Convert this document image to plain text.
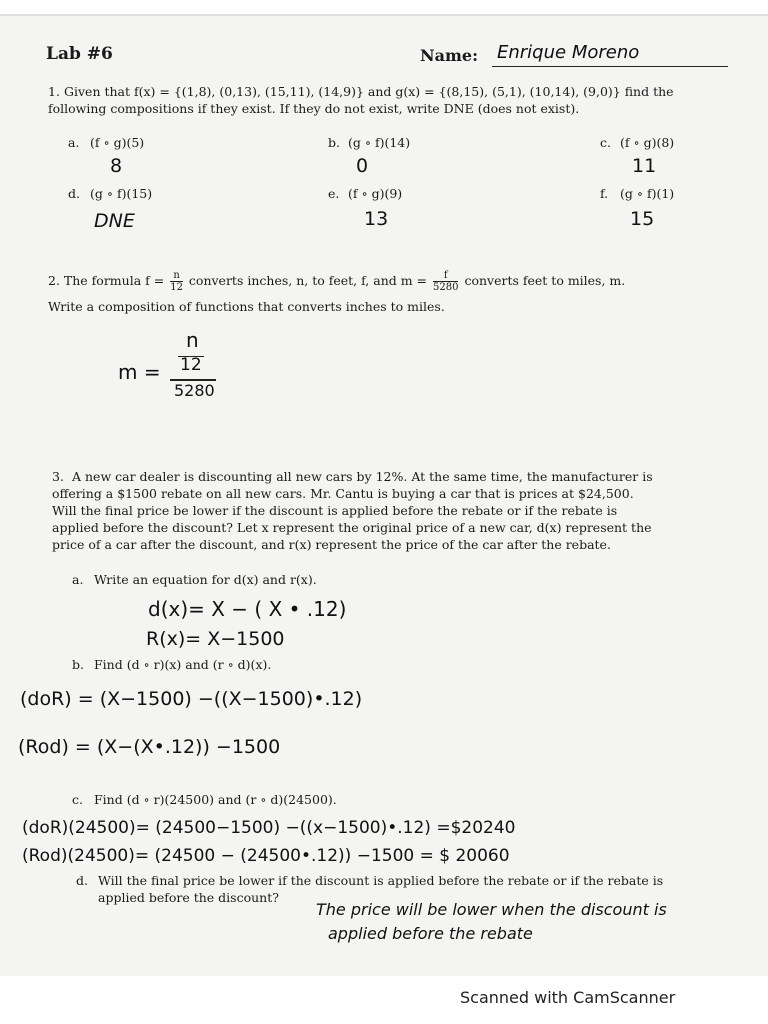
Lab #6	Name: Enrique Moreno
1. Given that f(x) = {(1,8), (0,13), (15,11), (14,9)} and g(x) = {(8,15), (5,1), (10,14), (9,0)} find the
following compositions if they exist. If they do not exist, write DNE (does not exist).
a. (f ∘ g)(5)
8
b. (g ∘ f)(14)
0
c. (f ∘ g)(8)
11
d. (g ∘ f)(15)
DNE
e. (f ∘ g)(9)
13
f. (g ∘ f)(1)
15
2. The formula $f = \frac{n}{12}$ converts inches, n, to feet, f, and $m = \frac{f}{5280}$ converts feet to miles, m.
Write a composition of functions that converts inches to miles.
m =
n
12
5280
3. A new car dealer is discounting all new cars by 12%. At the same time, the manufacturer is
offering a $1500 rebate on all new cars. Mr. Cantu is buying a car that is prices at $24,500.
Will the final price be lower if the discount is applied before the rebate or if the rebate is
applied before the discount? Let x represent the original price of a new car, d(x) represent the
price of a car after the discount, and r(x) represent the price of the car after the rebate.
a. Write an equation for d(x) and r(x).
d(x)= X − ( X • .12)
R(x)= X−1500
b. Find (d ∘ r)(x) and (r ∘ d)(x).
(doR) = (X−1500) −((X−1500)•.12)
(Rod) = (X−(X•.12)) −1500
c. Find (d ∘ r)(24500) and (r ∘ d)(24500).
(doR)(24500)= (24500−1500) −((x−1500)•.12) =$20240
(Rod)(24500)= (24500 − (24500•.12)) −1500 = $ 20060
d. Will the final price be lower if the discount is applied before the rebate or if the rebate is
applied before the discount?
The price will be lower when the discount is
applied before the rebate
Scanned with CamScanner
